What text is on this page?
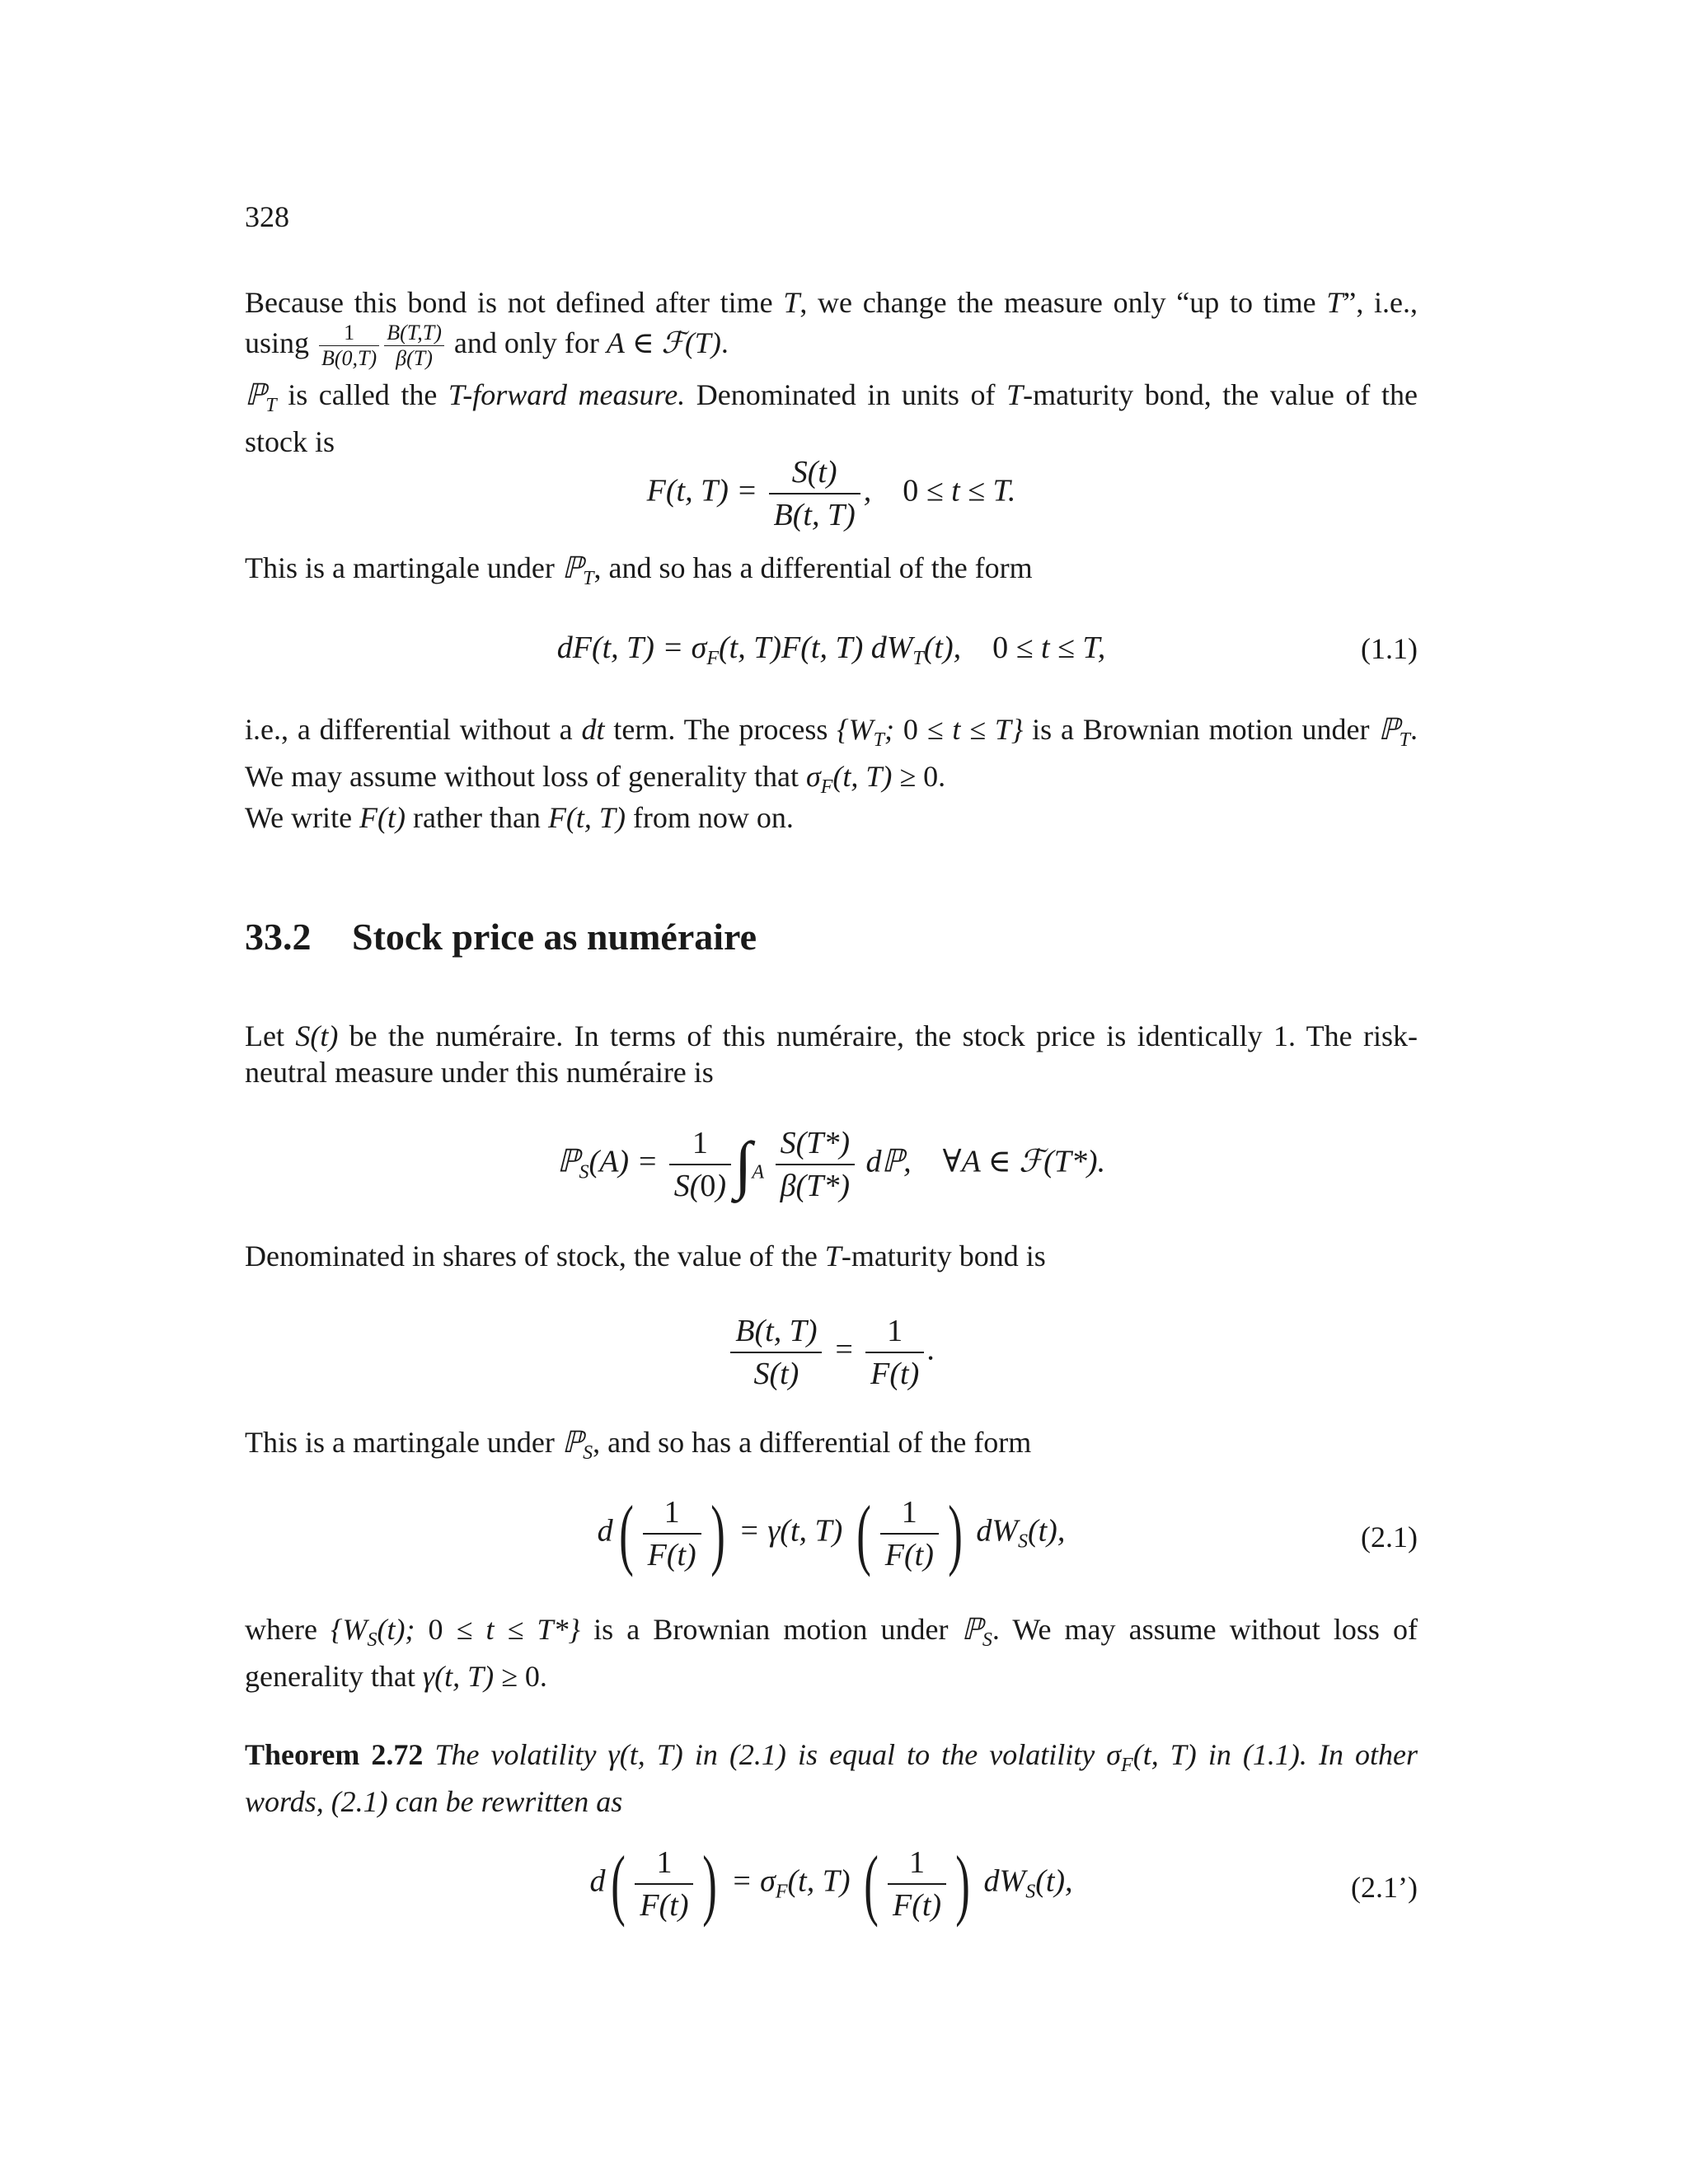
328
Because this bond is not defined after time T, we change the measure only “up to time T”, i.e., using $\frac{1}{B(0,T)} \frac{B(T,T)}{\beta(T)}$ and only for A ∈ ℱ(T).
ℙ$_T$ is called the T-forward measure. Denominated in units of T-maturity bond, the value of the stock is
F(t, $T) = \frac{S(t)}{B(t, T)}$ ,    0 ≤ t ≤ T.
This is a martingale under ℙ$_T$, and so has a differential of the form
dF(t, $T) = \sigma_F(t$, T)F(t, T) $dW_T(t)$,    0 ≤ t ≤ T,	(1.1)
i.e., a differential without a dt term. The process {$W_T$; 0 ≤ t ≤ T} is a Brownian motion under ℙ$_T$. We may assume without loss of generality that $\sigma_F(t$, T) ≥ 0.
We write F(t) rather than F(t, T) from now on.
33.2 Stock price as numéraire
Let S(t) be the numéraire. In terms of this numéraire, the stock price is identically 1. The risk-neutral measure under this numéraire is
ℙ$_S$(A) = $\frac{1}{S(0)} \int_A \frac{S(T*)}{\beta(T*)}$ dℙ,    ∀A ∈ ℱ(T*).
Denominated in shares of stock, the value of the T-maturity bond is
$\frac{B(t, T)}{S(t)} = \frac{1}{F(t)}$ .
This is a martingale under ℙ$_S$, and so has a differential of the form
$d( \frac{1}{F(t)}$ ) = γ(t, T) ( $\frac{1}{F(t)}$ ) $dW_S(t)$,	(2.1)
where {$W_S(t)$; 0 ≤ t ≤ T*} is a Brownian motion under ℙ$_S$. We may assume without loss of generality that γ(t, T) ≥ 0.
Theorem 2.72 The volatility γ(t, T) in (2.1) is equal to the volatility $\sigma_F(t$, T) in (1.1). In other words, (2.1) can be rewritten as
$d( \frac{1}{F(t)}$ ) = $\sigma_F(t$, T) ( $\frac{1}{F(t)}$ ) $dW_S(t)$,	(2.1’)
